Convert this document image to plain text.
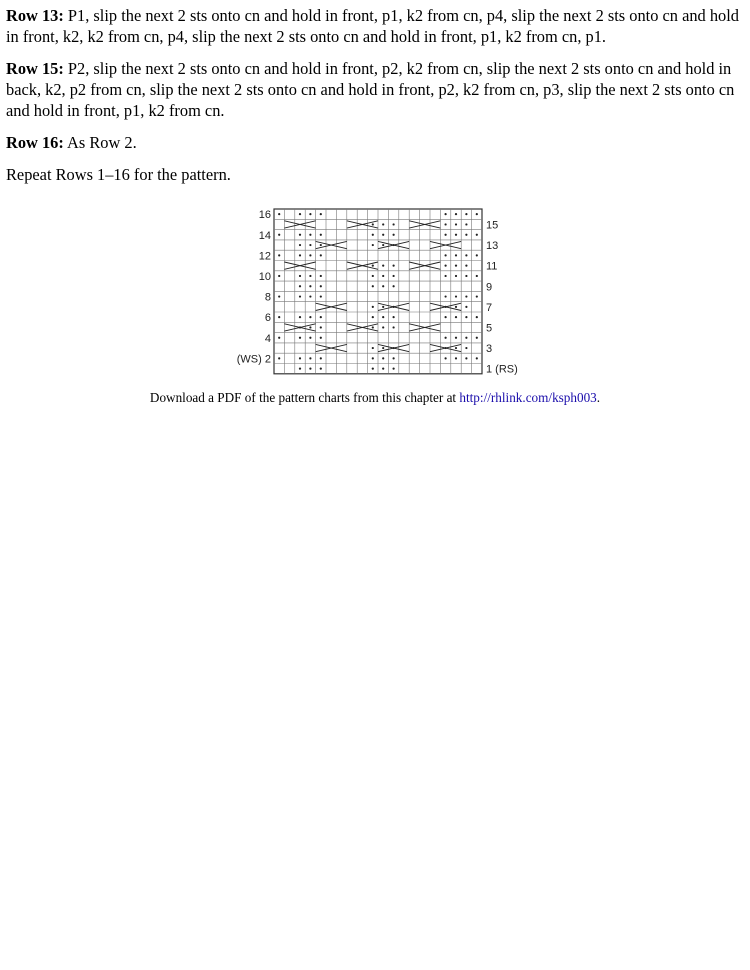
Row 13: P1, slip the next 2 sts onto cn and hold in front, p1, k2 from cn, p4, slip the next 2 sts onto cn and hold in front, k2, k2 from cn, p4, slip the next 2 sts onto cn and hold in front, p1, k2 from cn, p1.

Row 15: P2, slip the next 2 sts onto cn and hold in front, p2, k2 from cn, slip the next 2 sts onto cn and hold in back, k2, p2 from cn, slip the next 2 sts onto cn and hold in front, p2, k2 from cn, p3, slip the next 2 sts onto cn and hold in front, p1, k2 from cn.

Row 16: As Row 2.

Repeat Rows 1–16 for the pattern.

16
14
12
10
8
6
4
(WS) 2
15
13
11
9
7
5
3
1 (RS)
Download a PDF of the pattern charts from this chapter at http://rhlink.com/ksph003.
